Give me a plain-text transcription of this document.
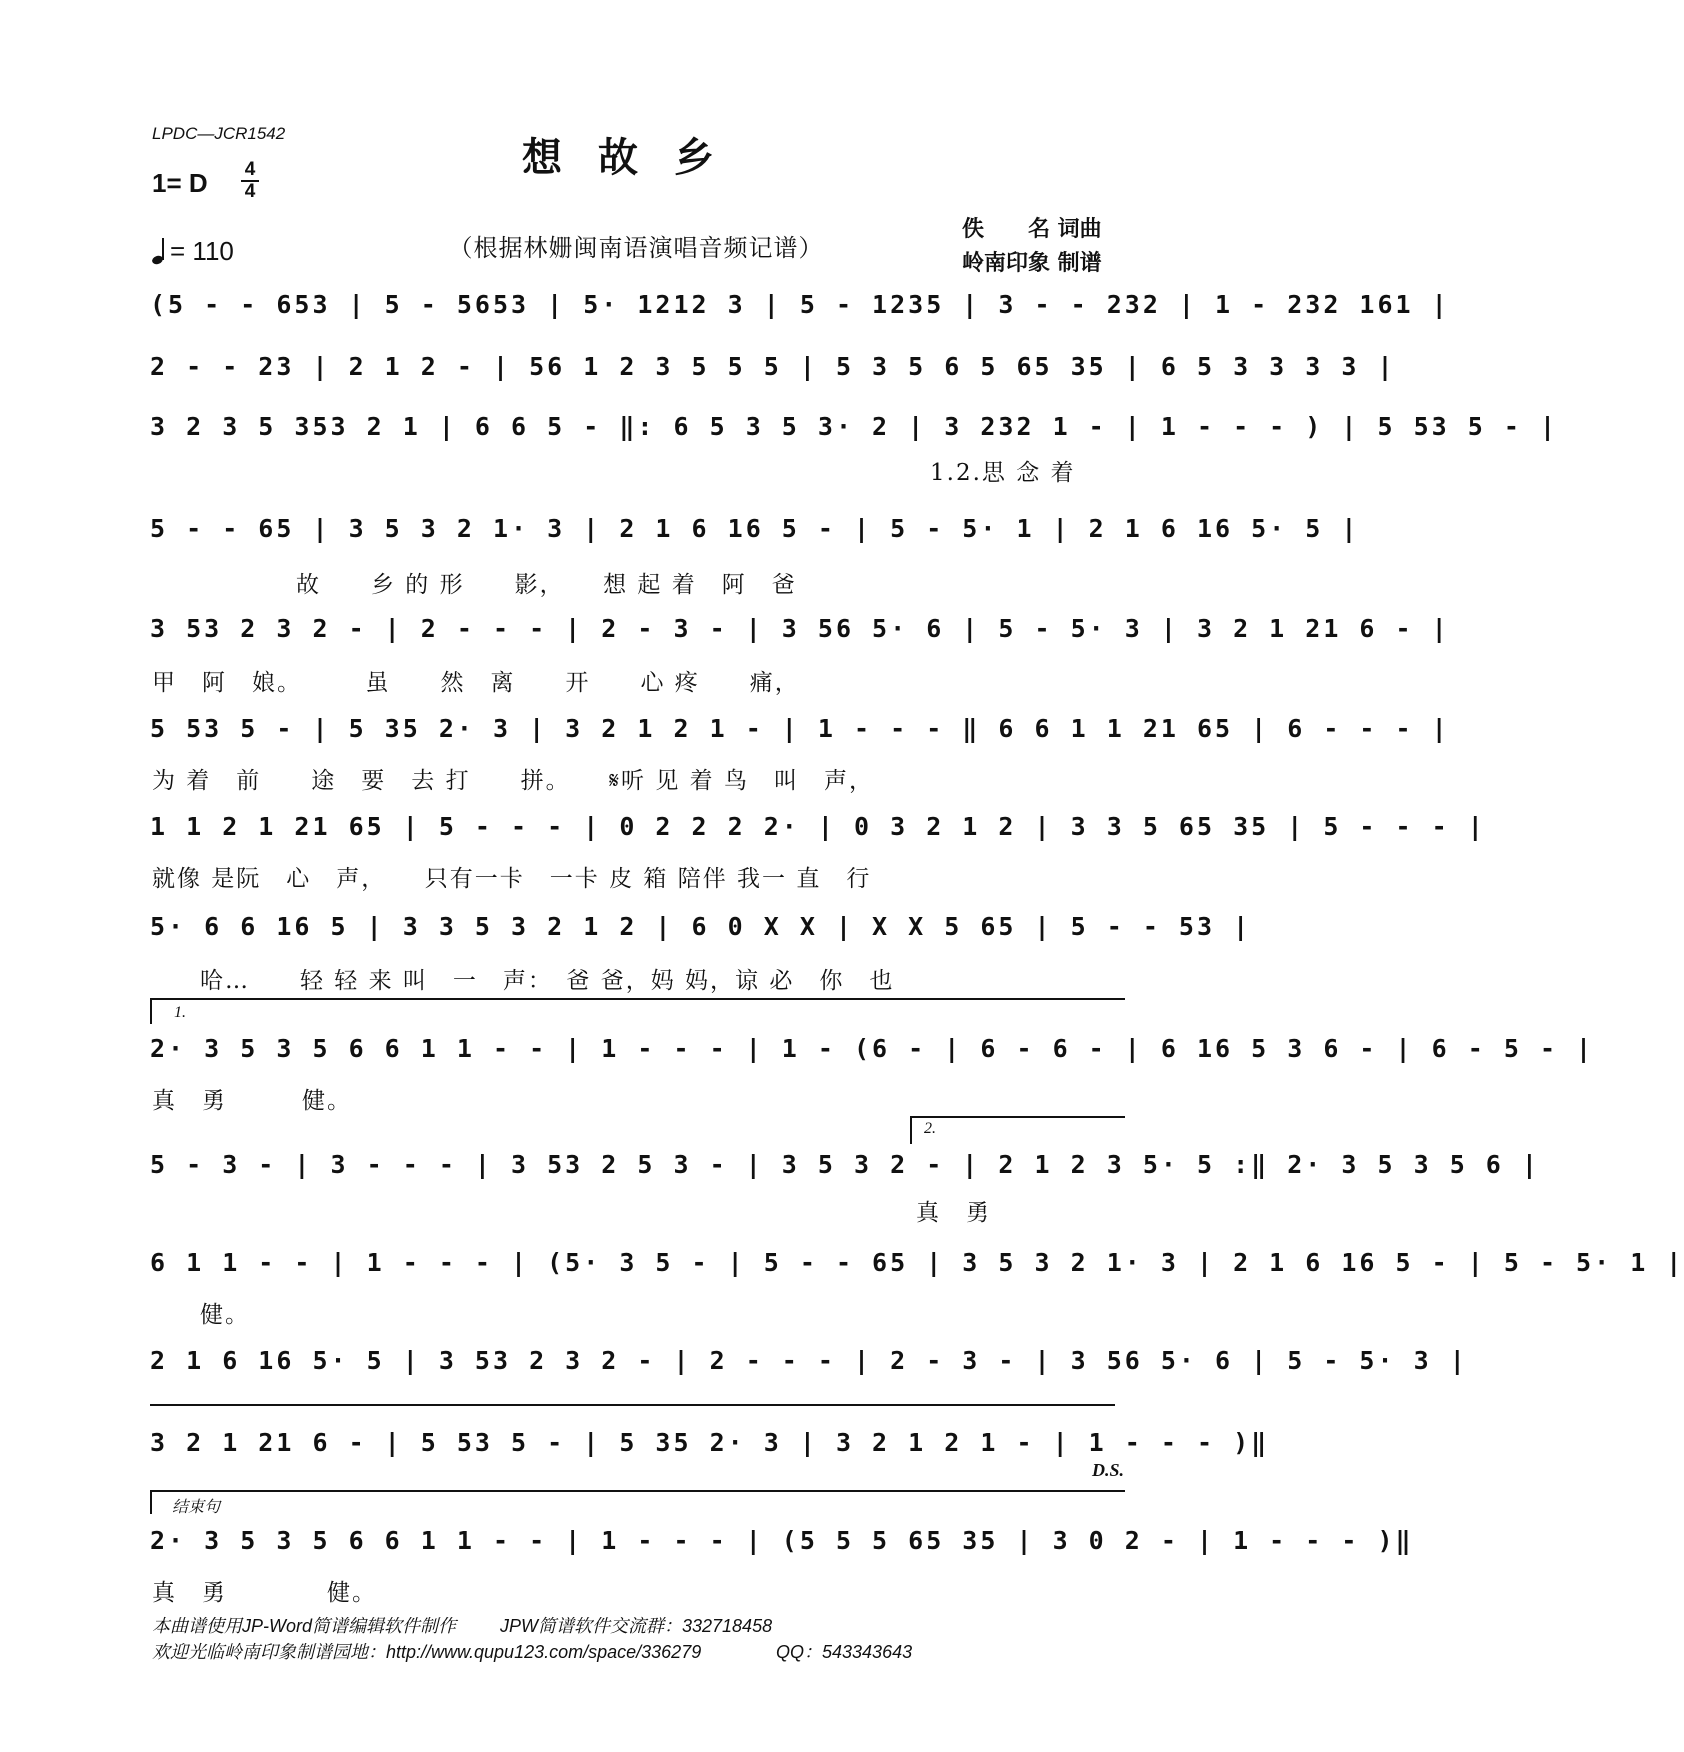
LPDC—JCR1542
想故乡
1= D 4
4
= 110	（根据林姗闽南语演唱音频记谱）
佚　　名 词曲
岭南印象 制谱
(5 - - 653 | 5 - 5653 | 5· 1212 3 | 5 - 1235 | 3 - - 232 | 1 - 232 161 |
2 - - 23 | 2 1 2 - | 56 1 2 3 5 5 5 | 5 3 5 6 5 65 35 | 6 5 3 3 3 3 |
3 2 3 5 353 2 1 | 6 6 5 - ‖: 6 5 3 5 3· 2 | 3 232 1 - | 1 - - - ) | 5 53 5 - |
1.2.思 念 着
5 - - 65 | 3 5 3 2 1· 3 | 2 1 6 16 5 - | 5 - 5· 1 | 2 1 6 16 5· 5 |
故　　乡 的 形　　影，　　想 起 着　阿　爸
3 53 2 3 2 - | 2 - - - | 2 - 3 - | 3 56 5· 6 | 5 - 5· 3 | 3 2 1 21 6 - |
甲　阿　娘。　　　虽　　然　离　　开　　心 疼　　痛，
5 53 5 - | 5 35 2· 3 | 3 2 1 2 1 - | 1 - - - ‖ 6 6 1 1 21 65 | 6 - - - |
为 着　前　　途　要　去 打　　拼。　　𝄋听 见 着 鸟　叫　声，
1 1 2 1 21 65 | 5 - - - | 0 2 2 2 2· | 0 3 2 1 2 | 3 3 5 65 35 | 5 - - - |
就像 是阮　心　声，　　只有一卡　一卡 皮 箱 陪伴 我一 直　行
5· 6 6 16 5 | 3 3 5 3 2 1 2 | 6 0 X X | X X 5 65 | 5 - - 53 |
哈…　　轻 轻 来 叫　一　声：　爸 爸，妈 妈，谅 必　你　也
1.
2· 3 5 3 5 6 6 1 1 - - | 1 - - - | 1 - (6 - | 6 - 6 - | 6 16 5 3 6 - | 6 - 5 - |
真　勇　　　健。
2.
5 - 3 - | 3 - - - | 3 53 2 5 3 - | 3 5 3 2 - | 2 1 2 3 5· 5 :‖ 2· 3 5 3 5 6 |
真　勇
6 1 1 - - | 1 - - - | (5· 3 5 - | 5 - - 65 | 3 5 3 2 1· 3 | 2 1 6 16 5 - | 5 - 5· 1 |
健。
2 1 6 16 5· 5 | 3 53 2 3 2 - | 2 - - - | 2 - 3 - | 3 56 5· 6 | 5 - 5· 3 |
3 2 1 21 6 - | 5 53 5 - | 5 35 2· 3 | 3 2 1 2 1 - | 1 - - - )‖
D.S.
结束句
2· 3 5 3 5 6 6 1 1 - - | 1 - - - | (5 5 5 65 35 | 3 0 2 - | 1 - - - )‖
真　勇　　　　健。
本曲谱使用JP-Word简谱编辑软件制作 JPW简谱软件交流群：332718458
欢迎光临岭南印象制谱园地：http://www.qupu123.com/space/336279	QQ：543343643
